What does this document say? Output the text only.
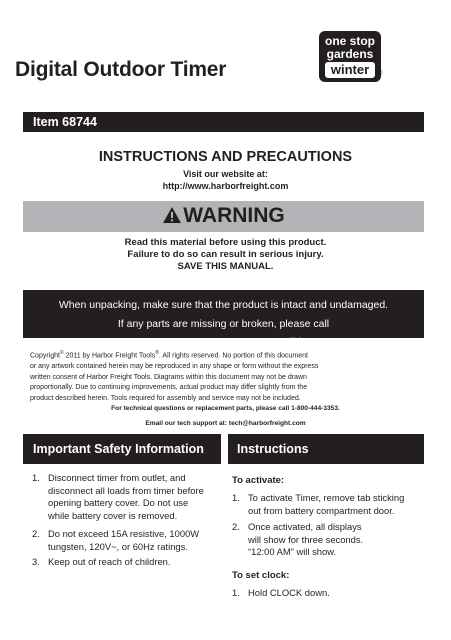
one stop
gardens
winter	®
Digital Outdoor Timer
Item 68744
INSTRUCTIONS AND PRECAUTIONS
Visit our website at:
http://www.harborfreight.com
WARNING
Read this material before using this product.
Failure to do so can result in serious injury.
SAVE THIS MANUAL.
When unpacking, make sure that the product is intact and undamaged.
If any parts are missing or broken, please call
1-800-444-3353 as soon as possible.
Copyright© 2011 by Harbor Freight Tools®. All rights reserved. No portion of this document
or any artwork contained herein may be reproduced in any shape or form without the express
written consent of Harbor Freight Tools. Diagrams within this document may not be drawn
proportionally. Due to continuing improvements, actual product may differ slightly from the
product described herein. Tools required for assembly and service may not be included.
For technical questions or replacement parts, please call 1-800-444-3353.
Email our tech support at: tech@harborfreight.com
Important Safety Information	Instructions
1. Disconnect timer from outlet, and
disconnect all loads from timer before
opening battery cover. Do not use
while battery cover is removed.
2. Do not exceed 15A resistive, 1000W
tungsten, 120V~, or 60Hz ratings.
3. Keep out of reach of children.
To activate:
1. To activate Timer, remove tab sticking
out from battery compartment door.
2. Once activated, all displays
will show for three seconds.
“12:00 AM” will show.
To set clock:
1. Hold CLOCK down.
